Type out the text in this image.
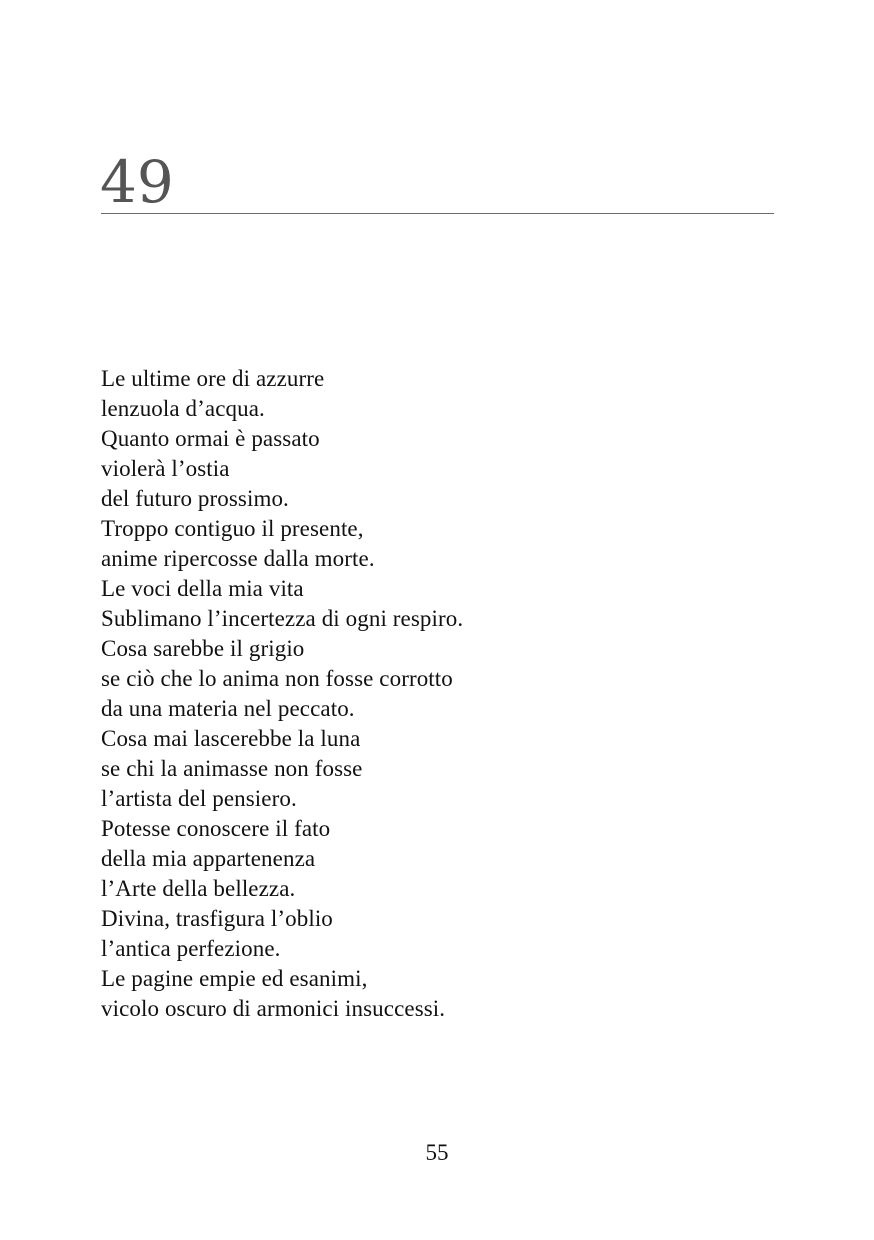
49
Le ultime ore di azzurre
lenzuola d’acqua.
Quanto ormai è passato
violerà l’ostia
del futuro prossimo.
Troppo contiguo il presente,
anime ripercosse dalla morte.
Le voci della mia vita
Sublimano l’incertezza di ogni respiro.
Cosa sarebbe il grigio
se ciò che lo anima non fosse corrotto
da una materia nel peccato.
Cosa mai lascerebbe la luna
se chi la animasse non fosse
l’artista del pensiero.
Potesse conoscere il fato
della mia appartenenza
l’Arte della bellezza.
Divina, trasfigura l’oblio
l’antica perfezione.
Le pagine empie ed esanimi,
vicolo oscuro di armonici insuccessi.
55
